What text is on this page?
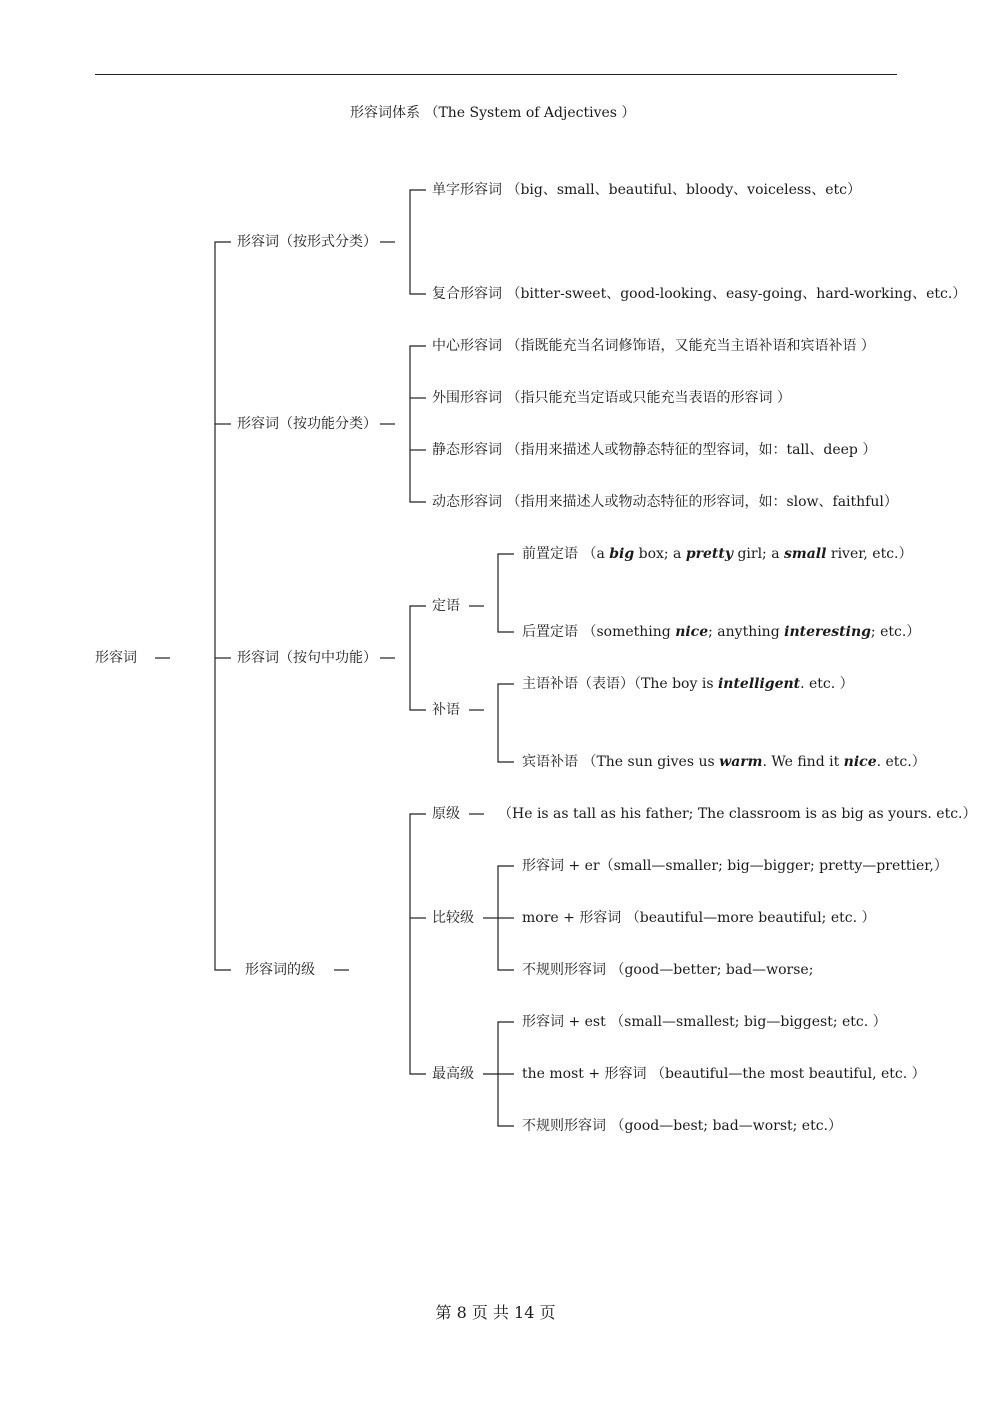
形容词体系 （The System of Adjectives ）
形容词
形容词（按形式分类）
形容词（按功能分类）
形容词（按句中功能）
形容词的级
单字形容词 （big、small、beautiful、bloody、voiceless、etc）
复合形容词 （bitter-sweet、good-looking、easy-going、hard-working、etc.）
中心形容词 （指既能充当名词修饰语，又能充当主语补语和宾语补语 ）
外围形容词 （指只能充当定语或只能充当表语的形容词 ）
静态形容词 （指用来描述人或物静态特征的型容词，如：tall、deep ）
动态形容词 （指用来描述人或物动态特征的形容词，如：slow、faithful）
定语
前置定语 （a big box; a pretty girl; a small river, etc.）
后置定语 （something nice; anything interesting; etc.）
补语
主语补语（表语）（The boy is intelligent. etc. ）
宾语补语 （The sun gives us warm. We find it nice. etc.）
原级	（He is as tall as his father; The classroom is as big as yours. etc.）
比较级
形容词 + er（small—smaller; big—bigger; pretty—prettier,）
more + 形容词 （beautiful—more beautiful; etc. ）
不规则形容词 （good—better; bad—worse;
最高级
形容词 + est （small—smallest; big—biggest; etc. ）
the most + 形容词 （beautiful—the most beautiful, etc. ）
不规则形容词 （good—best; bad—worst; etc.）
第 8 页 共 14 页
